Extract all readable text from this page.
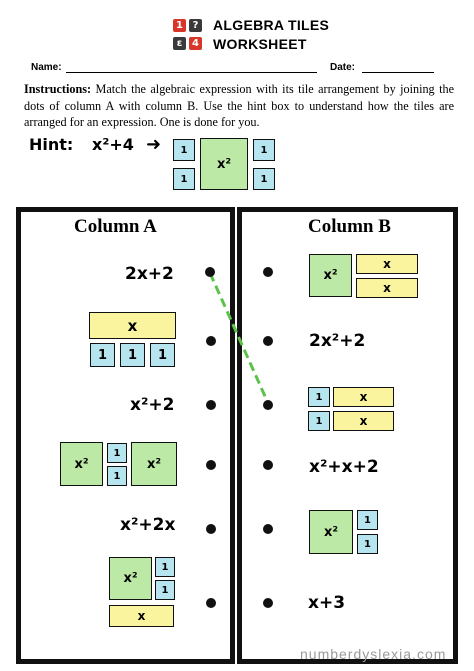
1 ?
ε 4
ALGEBRA TILES
WORKSHEET
Name:	Date:
Instructions: Match the algebraic expression with its tile arrangement by joining the dots of column A with column B. Use the hint box to understand how the tiles are arranged for an expression. One is done for you.
Hint: x²+4 ➜	1
1
x²
1
1
Column A	Column B
2x+2
x
1	1	1
x²+2
x²
1
1
x²
x²+2x
x²
1
1
x
x²
x
x
2x²+2
1	x
1	x
x²+x+2
x²
1
1
x+3
numberdyslexia.com
